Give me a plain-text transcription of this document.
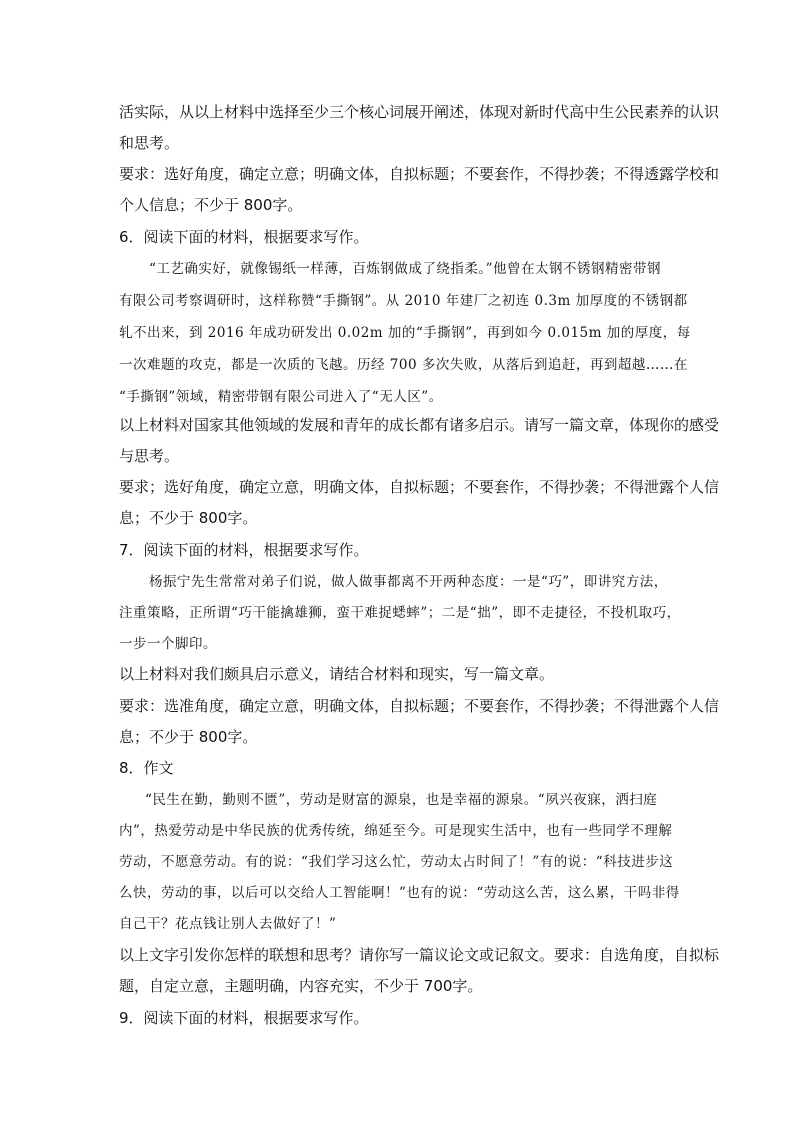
活实际，从以上材料中选择至少三个核心词展开阐述，体现对新时代高中生公民素养的认识
和思考。
要求：选好角度，确定立意；明确文体，自拟标题；不要套作，不得抄袭；不得透露学校和
个人信息；不少于 800字。
6．阅读下面的材料，根据要求写作。
“工艺确实好，就像锡纸一样薄，百炼钢做成了绕指柔。”他曾在太钢不锈钢精密带钢
有限公司考察调研时，这样称赞“手撕钢”。从 2010 年建厂之初连 0.3m 加厚度的不锈钢都
轧不出来，到 2016 年成功研发出 0.02m 加的“手撕钢”，再到如今 0.015m 加的厚度，每
一次难题的攻克，都是一次质的飞越。历经 700 多次失败，从落后到追赶，再到超越……在
“手撕钢”领域，精密带钢有限公司进入了“无人区”。
以上材料对国家其他领域的发展和青年的成长都有诸多启示。请写一篇文章，体现你的感受
与思考。
要求；选好角度，确定立意，明确文体，自拟标题；不要套作，不得抄袭；不得泄露个人信
息；不少于 800字。
7．阅读下面的材料，根据要求写作。
杨振宁先生常常对弟子们说，做人做事都离不开两种态度：一是“巧”，即讲究方法，
注重策略，正所谓“巧干能擒雄狮，蛮干难捉蟋蟀”；二是“拙”，即不走捷径，不投机取巧，
一步一个脚印。
以上材料对我们颇具启示意义，请结合材料和现实，写一篇文章。
要求：选准角度，确定立意，明确文体，自拟标题；不要套作，不得抄袭；不得泄露个人信
息；不少于 800字。
8．作文
“民生在勤，勤则不匮”，劳动是财富的源泉，也是幸福的源泉。“夙兴夜寐，洒扫庭
内”，热爱劳动是中华民族的优秀传统，绵延至今。可是现实生活中，也有一些同学不理解
劳动，不愿意劳动。有的说：“我们学习这么忙，劳动太占时间了！”有的说：“科技进步这
么快，劳动的事，以后可以交给人工智能啊！”也有的说：“劳动这么苦，这么累，干吗非得
自己干？花点钱让别人去做好了！”
以上文字引发你怎样的联想和思考？请你写一篇议论文或记叙文。要求：自选角度，自拟标
题，自定立意，主题明确，内容充实，不少于 700字。
9．阅读下面的材料，根据要求写作。
